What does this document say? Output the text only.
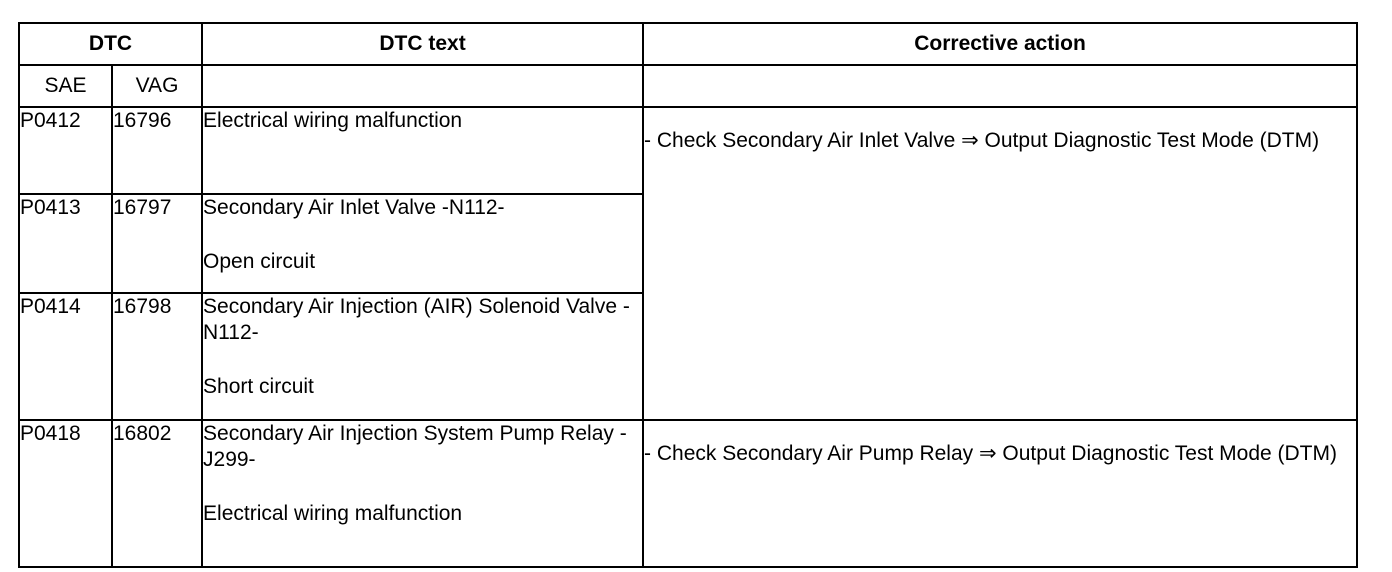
DTC		DTC text	Corrective action
SAE	VAG		
P0412	16796	Electrical wiring malfunction	- Check Secondary Air Inlet Valve ⇒ Output Diagnostic Test Mode (DTM)

P0413	16797	Secondary Air Inlet Valve -N112-
Open circuit	

P0414	16798	Secondary Air Injection (AIR) Solenoid Valve -N112-
Short circuit	

P0418	16802	Secondary Air Injection System Pump Relay -J299-
Electrical wiring malfunction	- Check Secondary Air Pump Relay ⇒ Output Diagnostic Test Mode (DTM)
